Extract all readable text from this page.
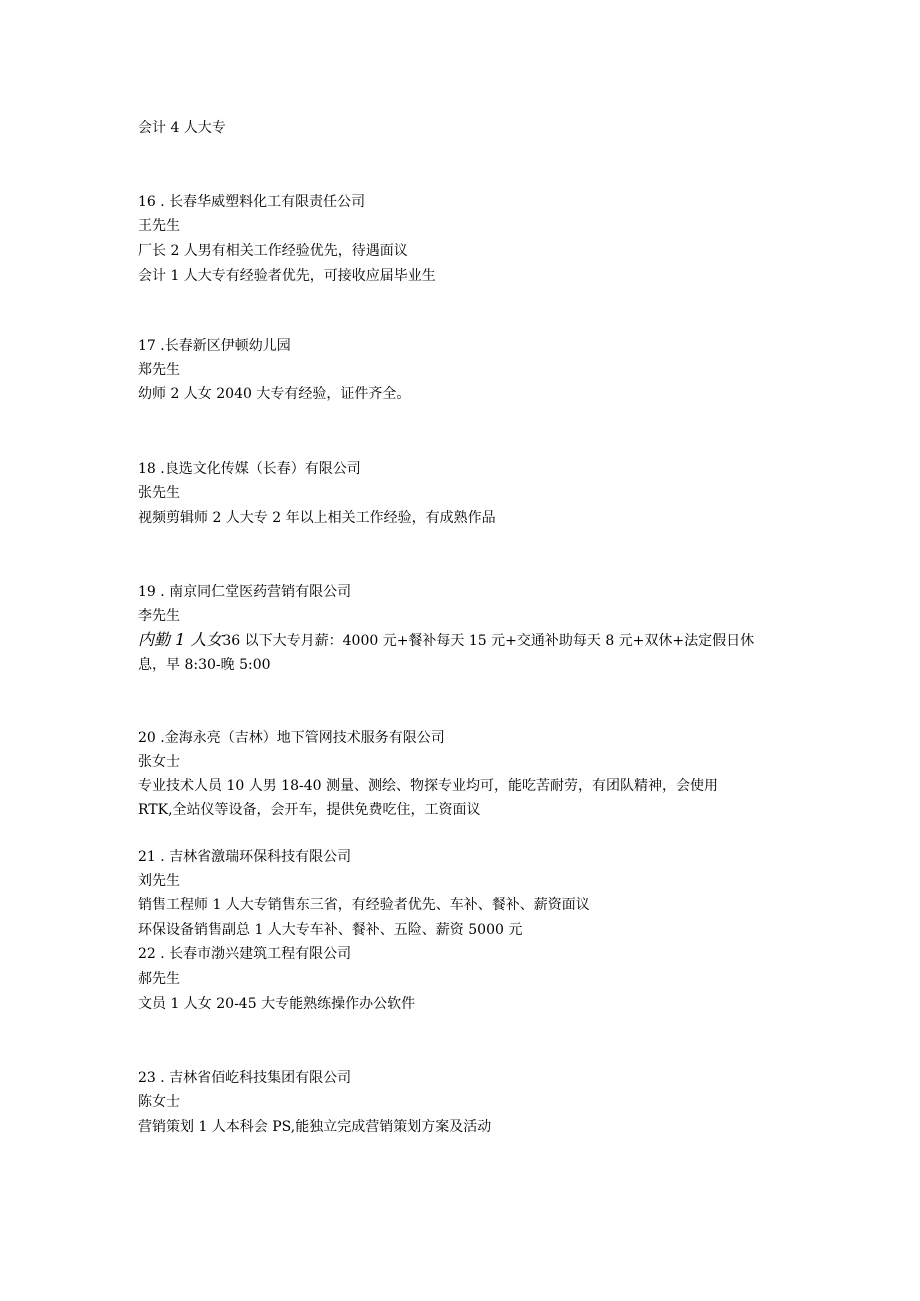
会计 4 人大专
16 . 长春华威塑料化工有限责任公司
王先生
厂长 2 人男有相关工作经验优先，待遇面议
会计 1 人大专有经验者优先，可接收应届毕业生
17 .长春新区伊顿幼儿园
郑先生
幼师 2 人女 2040 大专有经验，证件齐全。
18 .良选文化传媒（长春）有限公司
张先生
视频剪辑师 2 人大专 2 年以上相关工作经验，有成熟作品
19 . 南京同仁堂医药营销有限公司
李先生
内勤 1 人女36 以下大专月薪：4000 元+餐补每天 15 元+交通补助每天 8 元+双休+法定假日休
息，早 8:30-晚 5:00
20 .金海永亮（吉林）地下管网技术服务有限公司
张女士
专业技术人员 10 人男 18-40 测量、测绘、物探专业均可，能吃苦耐劳，有团队精神，会使用
RTK,全站仪等设备，会开车，提供免费吃住，工资面议
21 . 吉林省激瑞环保科技有限公司
刘先生
销售工程师 1 人大专销售东三省，有经验者优先、车补、餐补、薪资面议
环保设备销售副总 1 人大专车补、餐补、五险、薪资 5000 元
22 . 长春市渤兴建筑工程有限公司
郝先生
文员 1 人女 20-45 大专能熟练操作办公软件
23 . 吉林省佰屹科技集团有限公司
陈女士
营销策划 1 人本科会 PS,能独立完成营销策划方案及活动
